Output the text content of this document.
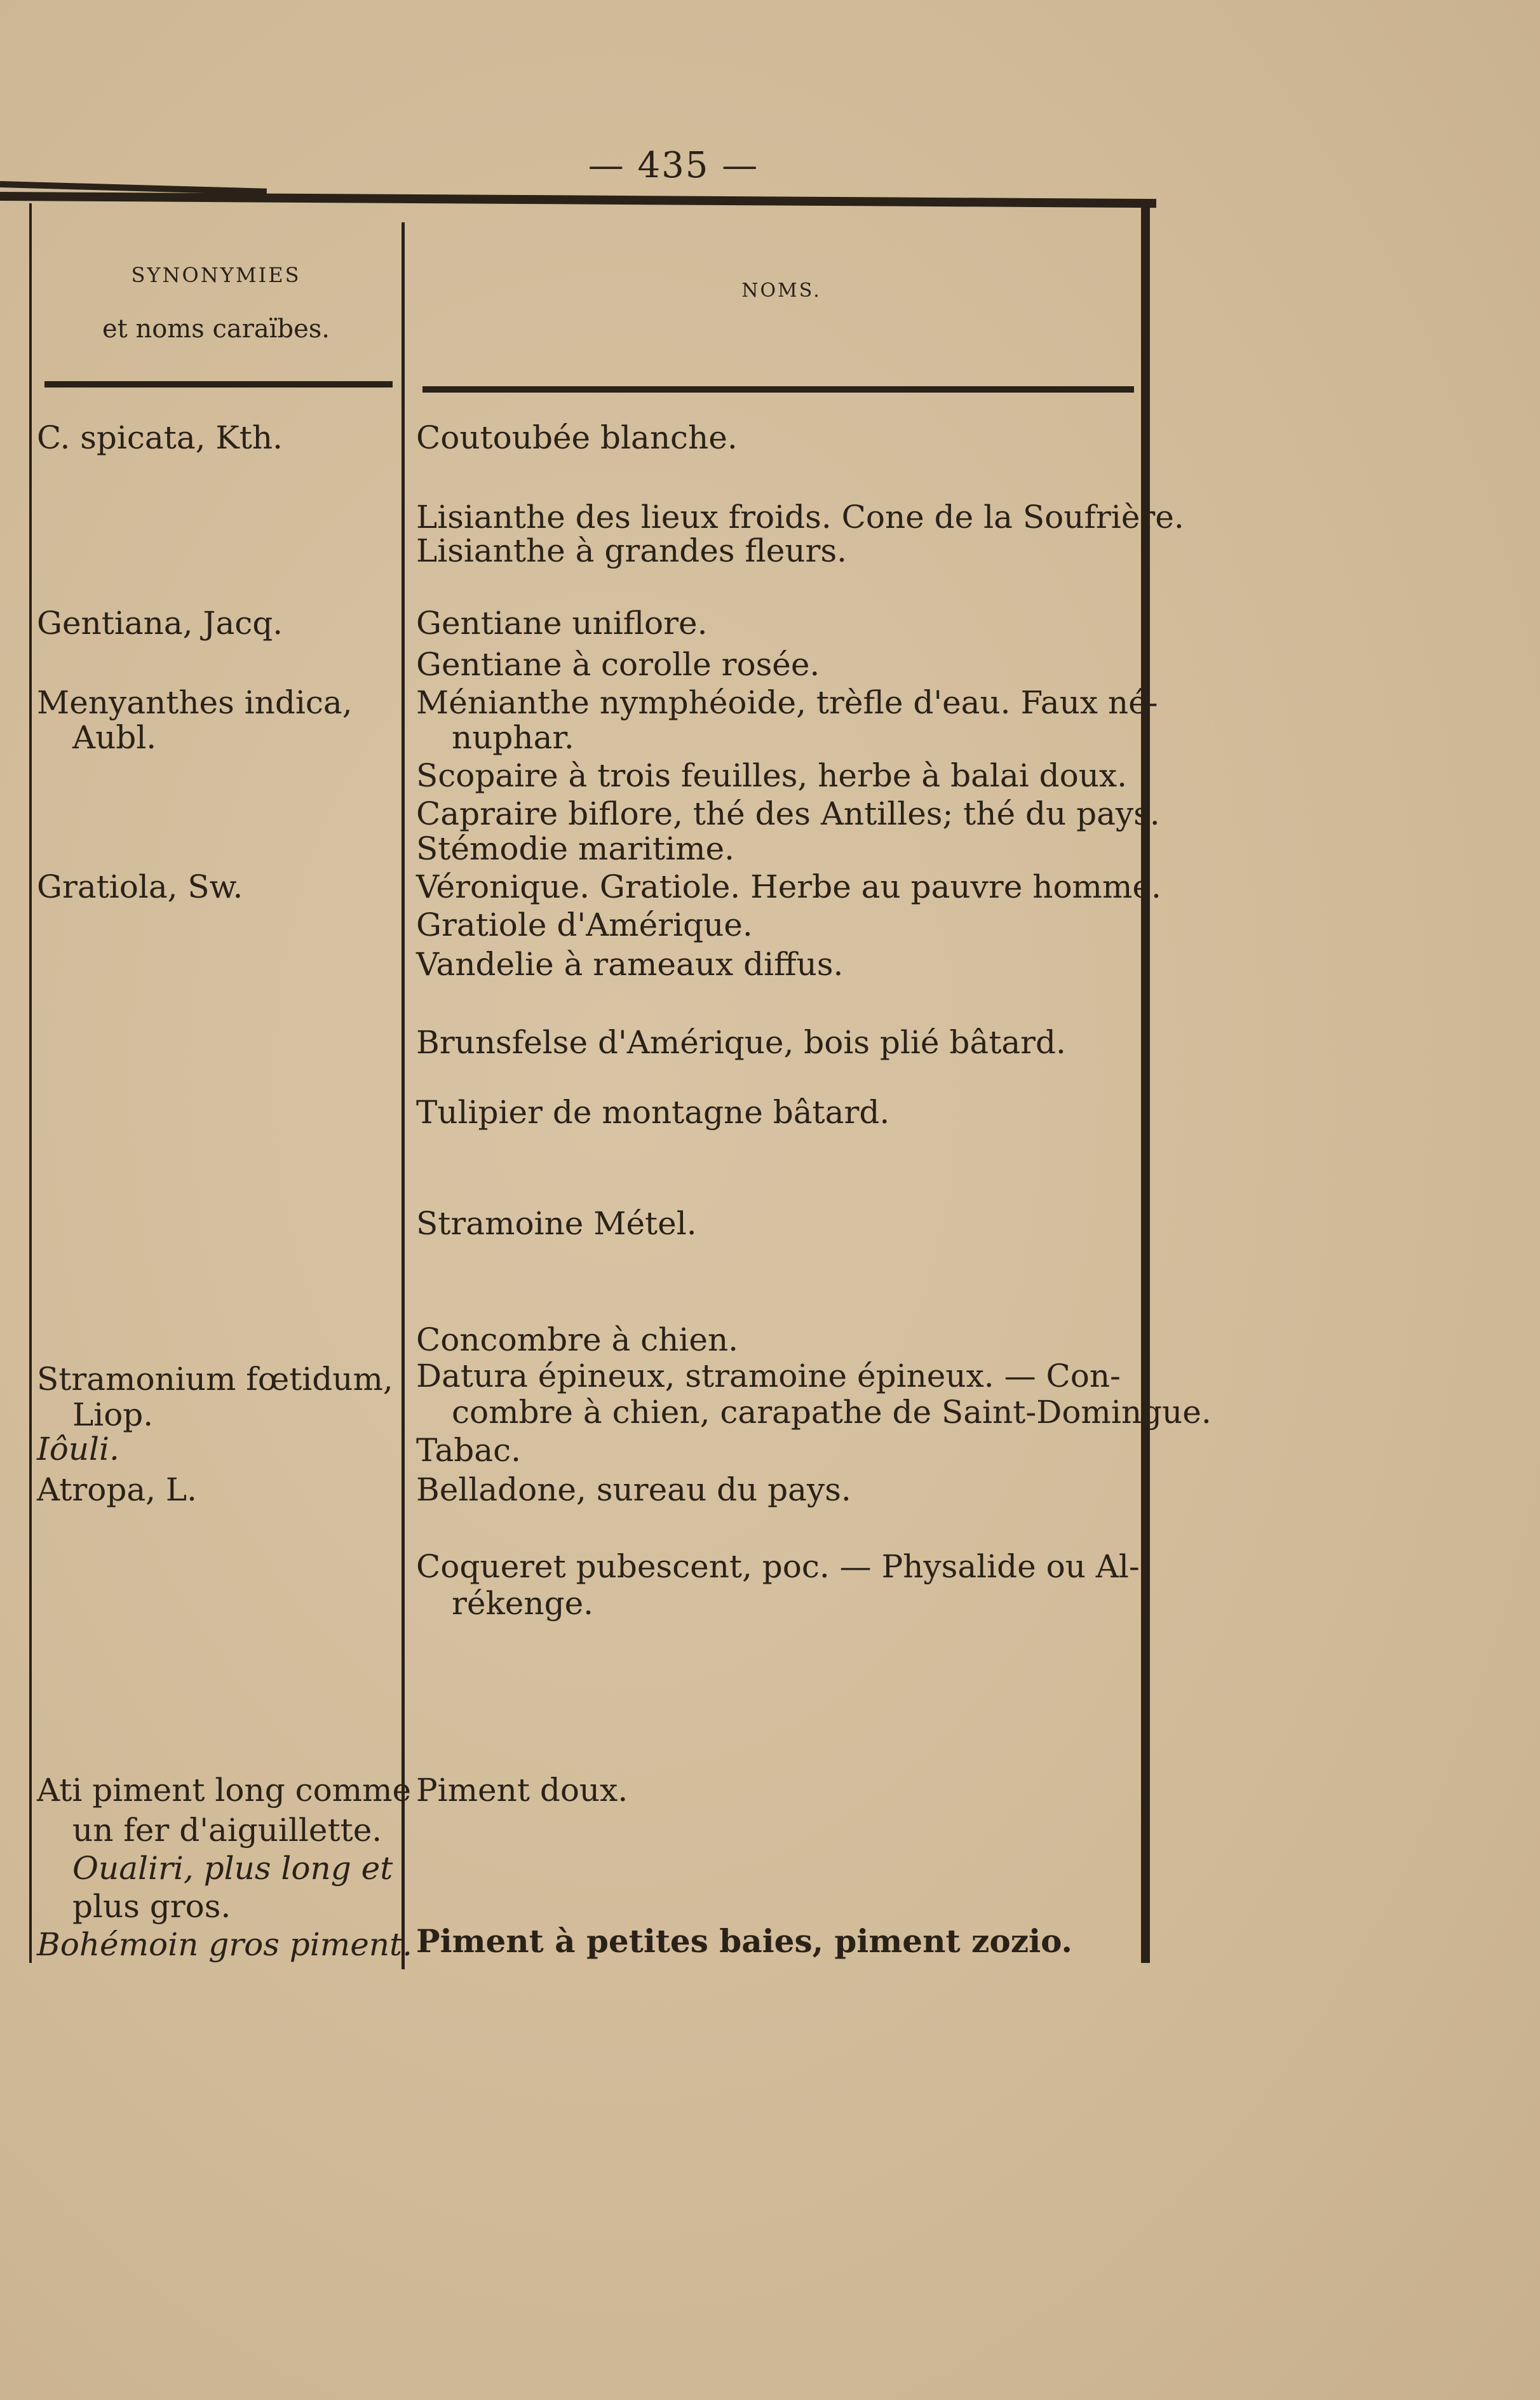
— 435 —
SYNONYMIES
et noms caraïbes.
NOMS.
C. spicata, Kth.
Gentiana, Jacq.
Menyanthes indica,
Aubl.
Gratiola, Sw.
Stramonium fœtidum,
Liop.
Iôuli.
Atropa, L.
Ati piment long comme
un fer d'aiguillette.
Oualiri, plus long et
plus gros.
Bohémoin gros piment.
Coutoubée blanche.
Lisianthe des lieux froids. Cone de la Soufrière.
Lisianthe à grandes fleurs.
Gentiane uniflore.
Gentiane à corolle rosée.
Ménianthe nymphéoide, trèfle d'eau. Faux né-
nuphar.
Scopaire à trois feuilles, herbe à balai doux.
Capraire biflore, thé des Antilles; thé du pays.
Stémodie maritime.
Véronique. Gratiole. Herbe au pauvre homme.
Gratiole d'Amérique.
Vandelie à rameaux diffus.
Brunsfelse d'Amérique, bois plié bâtard.
Tulipier de montagne bâtard.
Stramoine Métel.
Concombre à chien.
Datura épineux, stramoine épineux. — Con-
combre à chien, carapathe de Saint-Domingue.
Tabac.
Belladone, sureau du pays.
Coqueret pubescent, poc. — Physalide ou Al-
rékenge.
Piment doux.
Piment à petites baies, piment zozio.
